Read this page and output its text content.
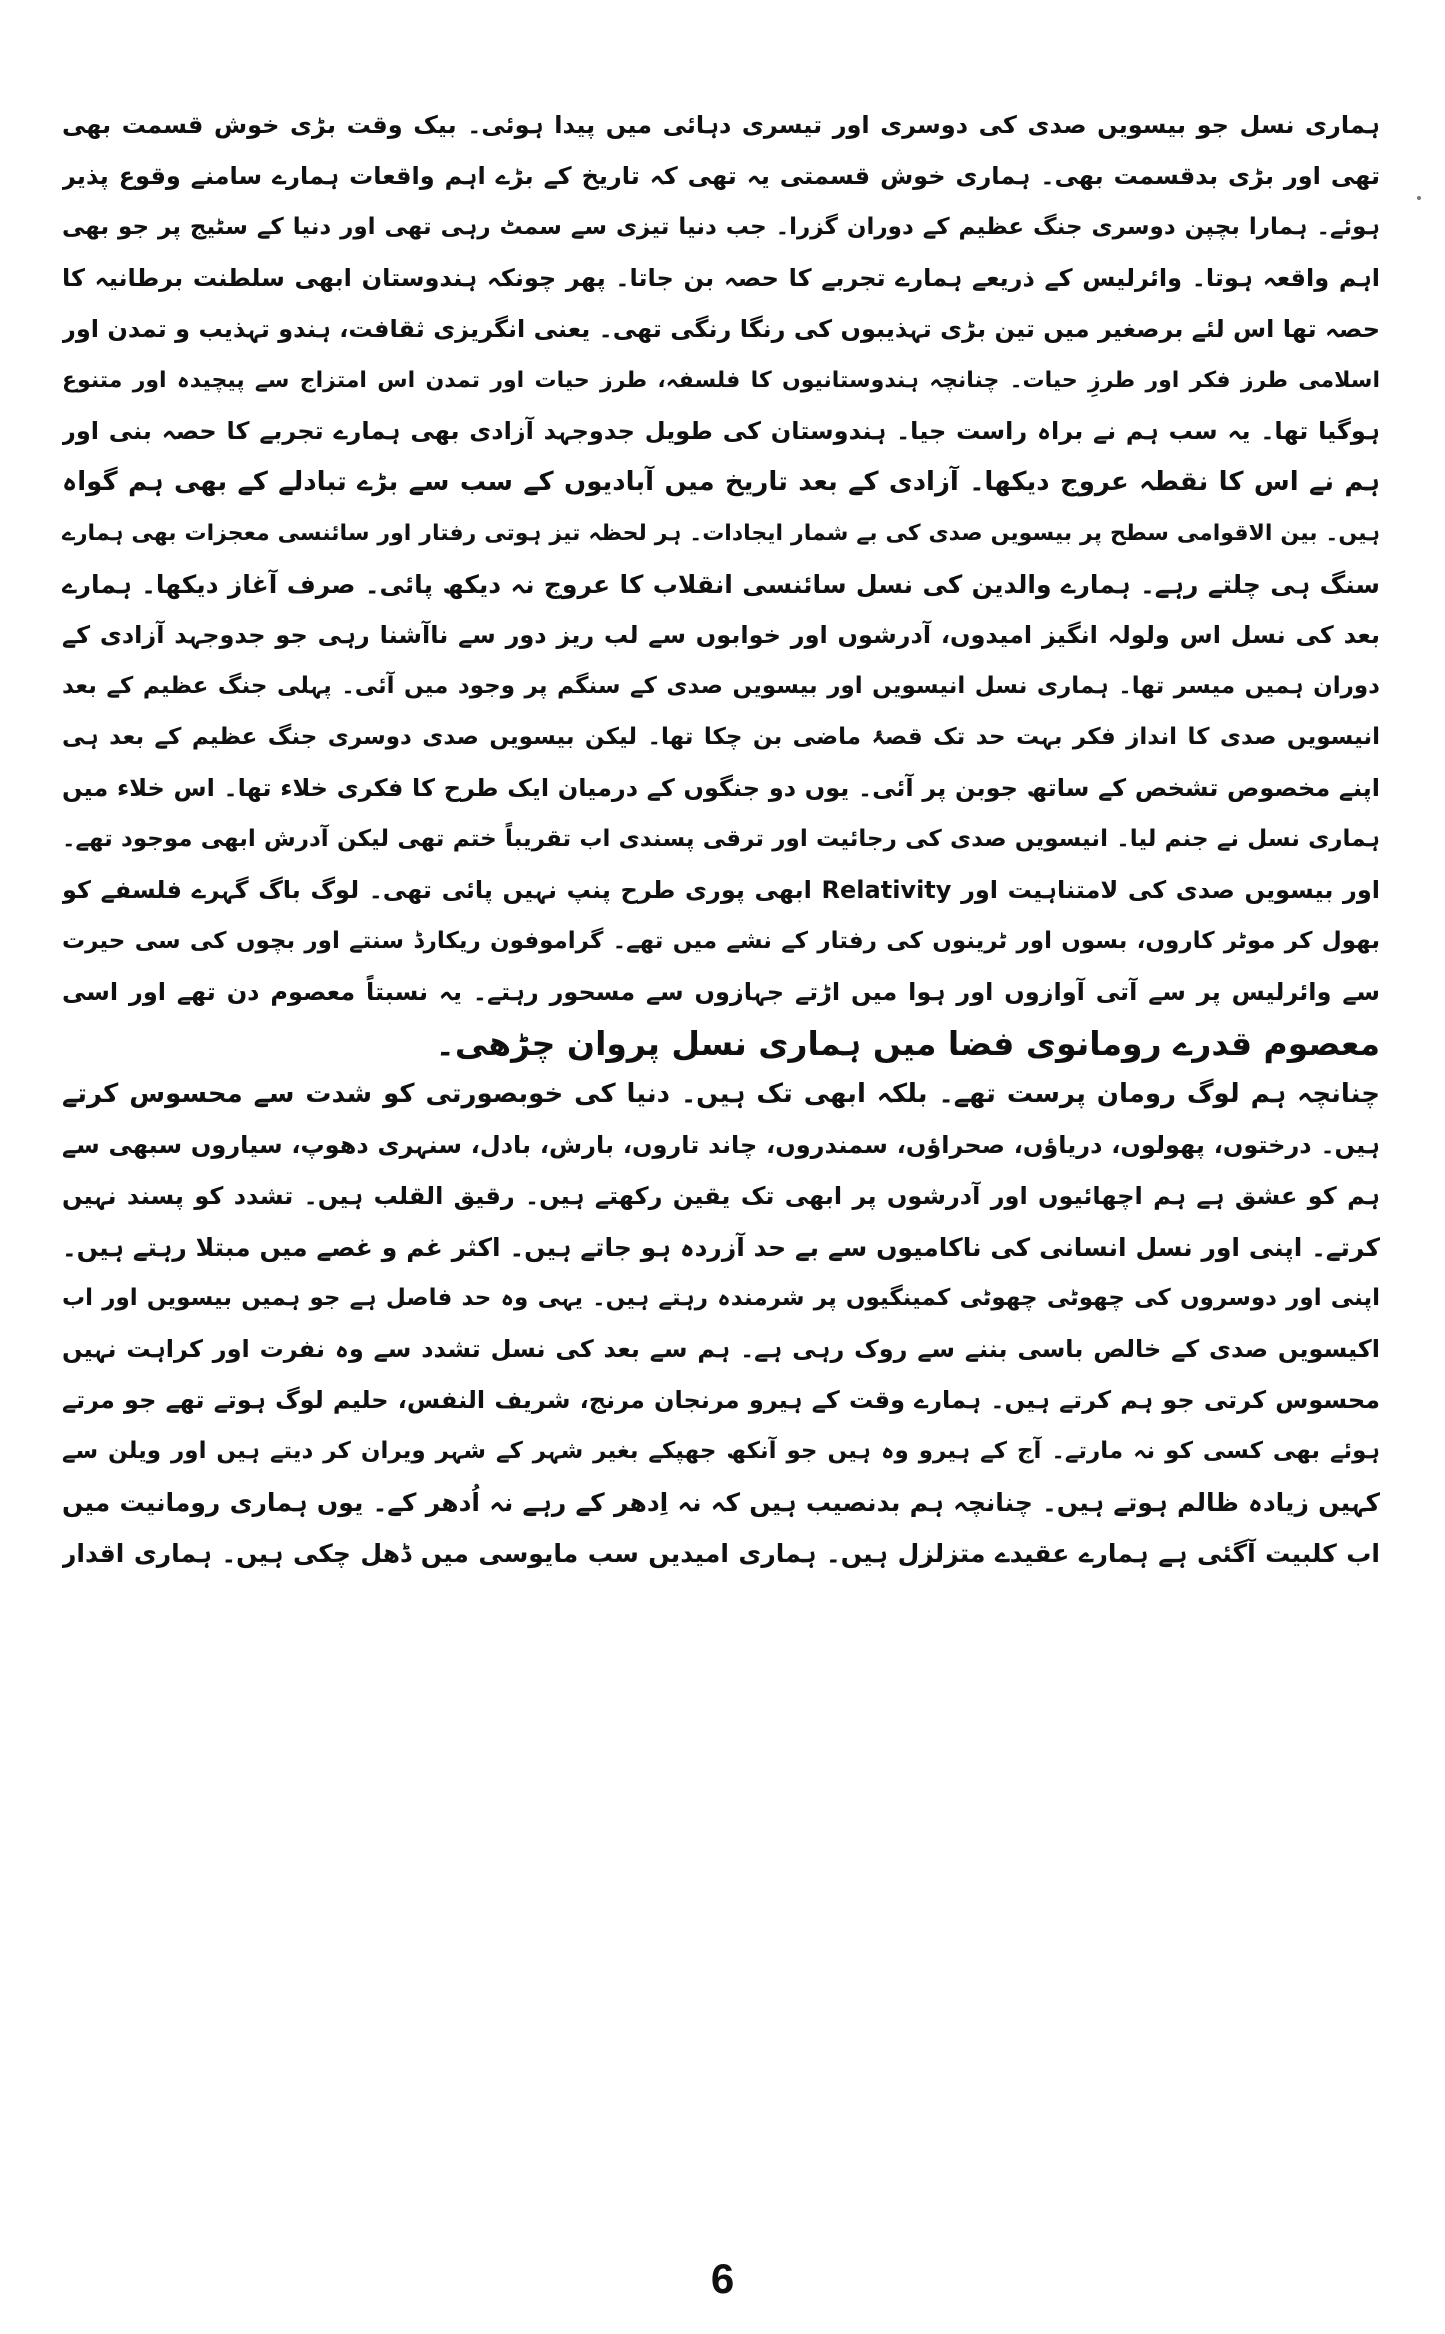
ہماری نسل جو بیسویں صدی کی دوسری اور تیسری دہائی میں پیدا ہوئی۔ بیک وقت بڑی خوش قسمت بھی
تھی اور بڑی بدقسمت بھی۔ ہماری خوش قسمتی یہ تھی کہ تاریخ کے بڑے اہم واقعات ہمارے سامنے وقوع پذیر
ہوئے۔ ہمارا بچپن دوسری جنگ عظیم کے دوران گزرا۔ جب دنیا تیزی سے سمٹ رہی تھی اور دنیا کے سٹیج پر جو بھی
اہم واقعہ ہوتا۔ وائرلیس کے ذریعے ہمارے تجربے کا حصہ بن جاتا۔ پھر چونکہ ہندوستان ابھی سلطنت برطانیہ کا
حصہ تھا اس لئے برصغیر میں تین بڑی تہذیبوں کی رنگا رنگی تھی۔ یعنی انگریزی ثقافت، ہندو تہذیب و تمدن اور
اسلامی طرز فکر اور طرزِ حیات۔ چنانچہ ہندوستانیوں کا فلسفہ، طرز حیات اور تمدن اس امتزاج سے پیچیدہ اور متنوع
ہوگیا تھا۔ یہ سب ہم نے براہ راست جیا۔ ہندوستان کی طویل جدوجہد آزادی بھی ہمارے تجربے کا حصہ بنی اور
ہم نے اس کا نقطہ عروج دیکھا۔ آزادی کے بعد تاریخ میں آبادیوں کے سب سے بڑے تبادلے کے بھی ہم گواہ
ہیں۔ بین الاقوامی سطح پر بیسویں صدی کی بے شمار ایجادات۔ ہر لحظہ تیز ہوتی رفتار اور سائنسی معجزات بھی ہمارے
سنگ ہی چلتے رہے۔ ہمارے والدین کی نسل سائنسی انقلاب کا عروج نہ دیکھ پائی۔ صرف آغاز دیکھا۔ ہمارے
بعد کی نسل اس ولولہ انگیز امیدوں، آدرشوں اور خوابوں سے لب ریز دور سے ناآشنا رہی جو جدوجہد آزادی کے
دوران ہمیں میسر تھا۔ ہماری نسل انیسویں اور بیسویں صدی کے سنگم پر وجود میں آئی۔ پہلی جنگ عظیم کے بعد
انیسویں صدی کا انداز فکر بہت حد تک قصۂ ماضی بن چکا تھا۔ لیکن بیسویں صدی دوسری جنگ عظیم کے بعد ہی
اپنے مخصوص تشخص کے ساتھ جوبن پر آئی۔ یوں دو جنگوں کے درمیان ایک طرح کا فکری خلاء تھا۔ اس خلاء میں
ہماری نسل نے جنم لیا۔ انیسویں صدی کی رجائیت اور ترقی پسندی اب تقریباً ختم تھی لیکن آدرش ابھی موجود تھے۔
اور بیسویں صدی کی لامتناہیت اور Relativity ابھی پوری طرح پنپ نہیں پائی تھی۔ لوگ باگ گہرے فلسفے کو
بھول کر موٹر کاروں، بسوں اور ٹرینوں کی رفتار کے نشے میں تھے۔ گراموفون ریکارڈ سنتے اور بچوں کی سی حیرت
سے وائرلیس پر سے آتی آوازوں اور ہوا میں اڑتے جہازوں سے مسحور رہتے۔ یہ نسبتاً معصوم دن تھے اور اسی
معصوم قدرے رومانوی فضا میں ہماری نسل پروان چڑھی۔
چنانچہ ہم لوگ رومان پرست تھے۔ بلکہ ابھی تک ہیں۔ دنیا کی خوبصورتی کو شدت سے محسوس کرتے
ہیں۔ درختوں، پھولوں، دریاؤں، صحراؤں، سمندروں، چاند تاروں، بارش، بادل، سنہری دھوپ، سیاروں سبھی سے
ہم کو عشق ہے ہم اچھائیوں اور آدرشوں پر ابھی تک یقین رکھتے ہیں۔ رقیق القلب ہیں۔ تشدد کو پسند نہیں
کرتے۔ اپنی اور نسل انسانی کی ناکامیوں سے بے حد آزردہ ہو جاتے ہیں۔ اکثر غم و غصے میں مبتلا رہتے ہیں۔
اپنی اور دوسروں کی چھوٹی چھوٹی کمینگیوں پر شرمندہ رہتے ہیں۔ یہی وہ حد فاصل ہے جو ہمیں بیسویں اور اب
اکیسویں صدی کے خالص باسی بننے سے روک رہی ہے۔ ہم سے بعد کی نسل تشدد سے وہ نفرت اور کراہت نہیں
محسوس کرتی جو ہم کرتے ہیں۔ ہمارے وقت کے ہیرو مرنجان مرنج، شریف النفس، حلیم لوگ ہوتے تھے جو مرتے
ہوئے بھی کسی کو نہ مارتے۔ آج کے ہیرو وہ ہیں جو آنکھ جھپکے بغیر شہر کے شہر ویران کر دیتے ہیں اور ویلن سے
کہیں زیادہ ظالم ہوتے ہیں۔ چنانچہ ہم بدنصیب ہیں کہ نہ اِدھر کے رہے نہ اُدھر کے۔ یوں ہماری رومانیت میں
اب کلبیت آگئی ہے ہمارے عقیدے متزلزل ہیں۔ ہماری امیدیں سب مایوسی میں ڈھل چکی ہیں۔ ہماری اقدار
6
